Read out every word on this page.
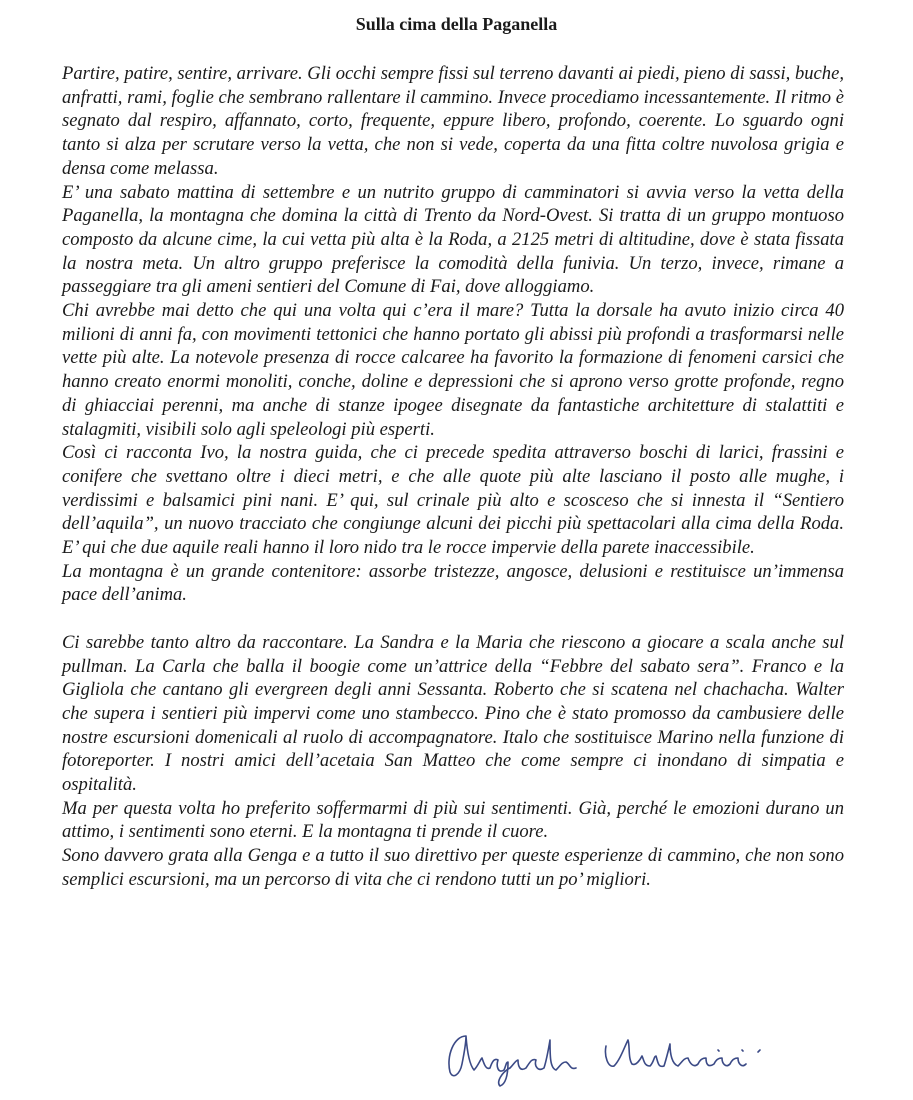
Sulla cima della Paganella

Partire, patire, sentire, arrivare. Gli occhi sempre fissi sul terreno davanti ai piedi, pieno di sassi, buche, anfratti, rami, foglie che sembrano rallentare il cammino. Invece procediamo incessantemente. Il ritmo è segnato dal respiro, affannato, corto, frequente, eppure libero, profondo, coerente. Lo sguardo ogni tanto si alza per scrutare verso la vetta, che non si vede, coperta da una fitta coltre nuvolosa grigia e densa come melassa.

E’ una sabato mattina di settembre e un nutrito gruppo di camminatori si avvia verso la vetta della Paganella, la montagna che domina la città di Trento da Nord-Ovest. Si tratta di un gruppo montuoso composto da alcune cime, la cui vetta più alta è la Roda, a 2125 metri di altitudine, dove è stata fissata la nostra meta. Un altro gruppo preferisce la comodità della funivia. Un terzo, invece, rimane a passeggiare tra gli ameni sentieri del Comune di Fai, dove alloggiamo.

Chi avrebbe mai detto che qui una volta qui c’era il mare? Tutta la dorsale ha avuto inizio circa 40 milioni di anni fa, con movimenti tettonici che hanno portato gli abissi più profondi a trasformarsi nelle vette più alte. La notevole presenza di rocce calcaree ha favorito la formazione di fenomeni carsici che hanno creato enormi monoliti, conche, doline e depressioni che si aprono verso grotte profonde, regno di ghiacciai perenni, ma anche di stanze ipogee disegnate da fantastiche architetture di stalattiti e stalagmiti, visibili solo agli speleologi più esperti.

Così ci racconta Ivo, la nostra guida, che ci precede spedita attraverso boschi di larici, frassini e conifere che svettano oltre i dieci metri, e che alle quote più alte lasciano il posto alle mughe, i verdissimi e balsamici pini nani. E’ qui, sul crinale più alto e scosceso che si innesta il “Sentiero dell’aquila”, un nuovo tracciato che congiunge alcuni dei picchi più spettacolari alla cima della Roda. E’ qui che due aquile reali hanno il loro nido tra le rocce impervie della parete inaccessibile.

La montagna è un grande contenitore: assorbe tristezze, angosce, delusioni e restituisce un’immensa pace dell’anima.

Ci sarebbe tanto altro da raccontare. La Sandra e la Maria che riescono a giocare a scala anche sul pullman. La Carla che balla il boogie come un’attrice della “Febbre del sabato sera”. Franco e la Gigliola che cantano gli evergreen degli anni Sessanta. Roberto che si scatena nel chachacha. Walter che supera i sentieri più impervi come uno stambecco. Pino che è stato promosso da cambusiere delle nostre escursioni domenicali al ruolo di accompagnatore. Italo che sostituisce Marino nella funzione di fotoreporter. I nostri amici dell’acetaia San Matteo che come sempre ci inondano di simpatia e ospitalità.

Ma per questa volta ho preferito soffermarmi di più sui sentimenti. Già, perché le emozioni durano un attimo, i sentimenti sono eterni. E la montagna ti prende il cuore.

Sono davvero grata alla Genga e a tutto il suo direttivo per queste esperienze di cammino, che non sono semplici escursioni, ma un percorso di vita che ci rendono tutti un po’ migliori.
